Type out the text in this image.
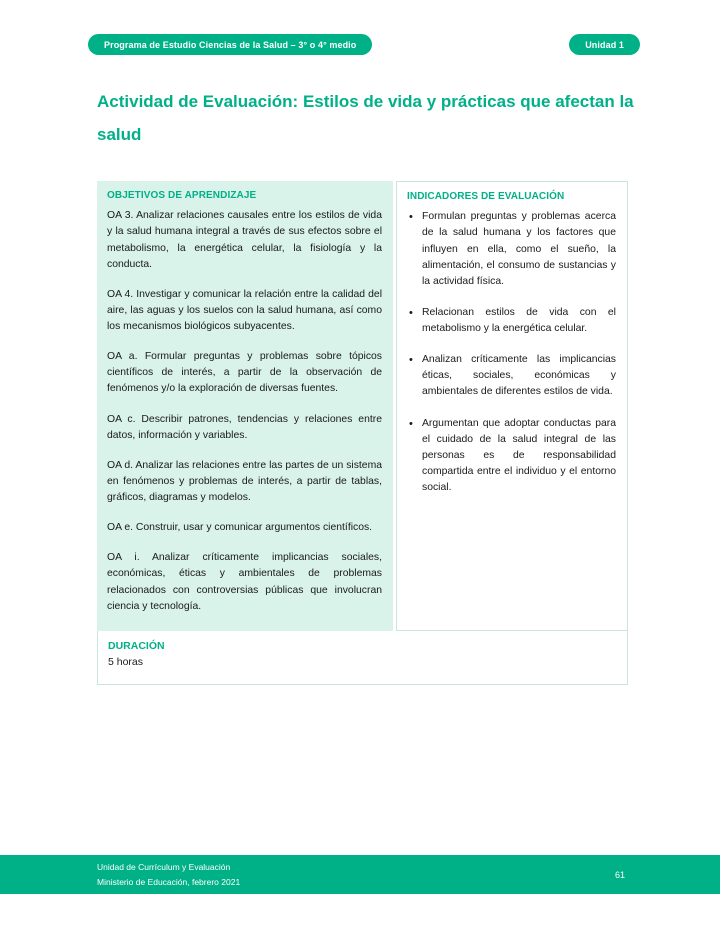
Programa de Estudio Ciencias de la Salud – 3° o 4° medio	Unidad 1
Actividad de Evaluación: Estilos de vida y prácticas que afectan la salud
OBJETIVOS DE APRENDIZAJE

OA 3. Analizar relaciones causales entre los estilos de vida y la salud humana integral a través de sus efectos sobre el metabolismo, la energética celular, la fisiología y la conducta.

OA 4. Investigar y comunicar la relación entre la calidad del aire, las aguas y los suelos con la salud humana, así como los mecanismos biológicos subyacentes.

OA a. Formular preguntas y problemas sobre tópicos científicos de interés, a partir de la observación de fenómenos y/o la exploración de diversas fuentes.

OA c. Describir patrones, tendencias y relaciones entre datos, información y variables.

OA d. Analizar las relaciones entre las partes de un sistema en fenómenos y problemas de interés, a partir de tablas, gráficos, diagramas y modelos.

OA e. Construir, usar y comunicar argumentos científicos.

OA i. Analizar críticamente implicancias sociales, económicas, éticas y ambientales de problemas relacionados con controversias públicas que involucran ciencia y tecnología.

INDICADORES DE EVALUACIÓN
• Formulan preguntas y problemas acerca de la salud humana y los factores que influyen en ella, como el sueño, la alimentación, el consumo de sustancias y la actividad física.
• Relacionan estilos de vida con el metabolismo y la energética celular.
• Analizan críticamente las implicancias éticas, sociales, económicas y ambientales de diferentes estilos de vida.
• Argumentan que adoptar conductas para el cuidado de la salud integral de las personas es de responsabilidad compartida entre el individuo y el entorno social.
DURACIÓN
5 horas
Unidad de Currículum y Evaluación
Ministerio de Educación, febrero 2021
61
